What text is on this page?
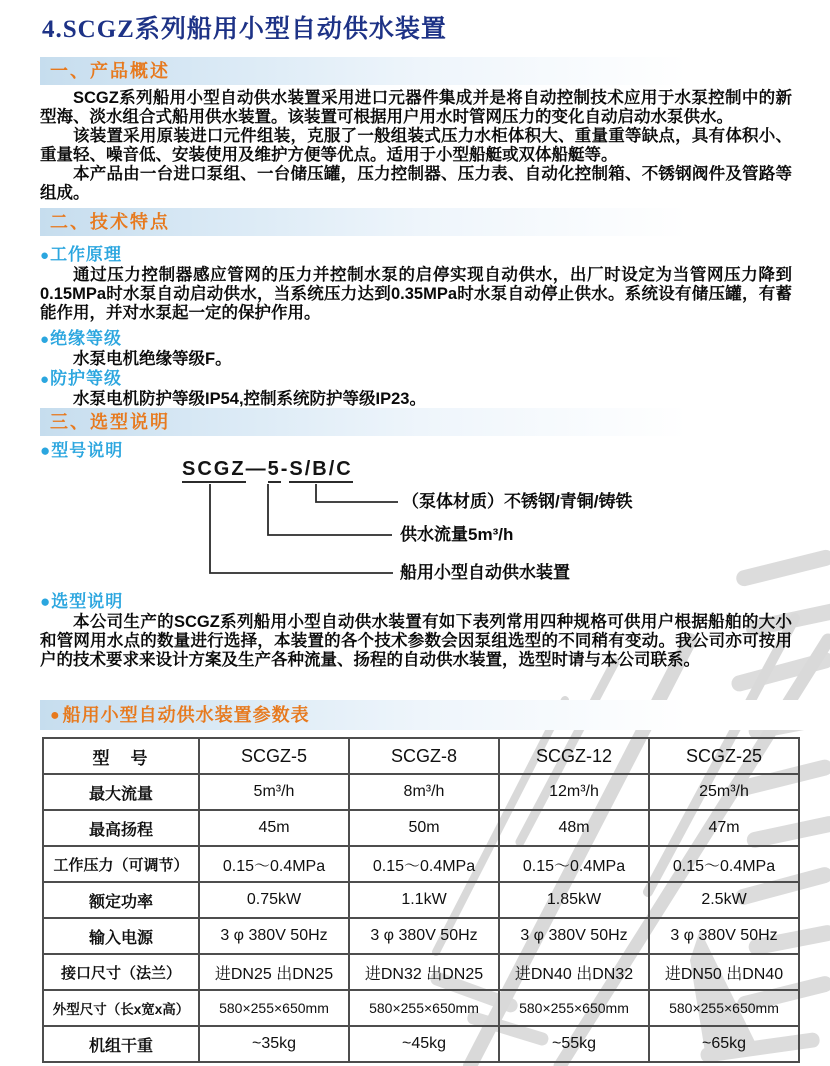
4.SCGZ系列船用小型自动供水装置
一、产品概述

SCGZ系列船用小型自动供水装置采用进口元器件集成并是将自动控制技术应用于水泵控制中的新型海、淡水组合式船用供水装置。该装置可根据用户用水时管网压力的变化自动启动水泵供水。

该装置采用原装进口元件组装，克服了一般组装式压力水柜体积大、重量重等缺点，具有体积小、重量轻、噪音低、安装使用及维护方便等优点。适用于小型船艇或双体船艇等。

本产品由一台进口泵组、一台储压罐，压力控制器、压力表、自动化控制箱、不锈钢阀件及管路等组成。

二、技术特点

●工作原理

通过压力控制器感应管网的压力并控制水泵的启停实现自动供水，出厂时设定为当管网压力降到0.15MPa时水泵自动启动供水，当系统压力达到0.35MPa时水泵自动停止供水。系统设有储压罐，有蓄能作用，并对水泵起一定的保护作用。

●绝缘等级

水泵电机绝缘等级F。

●防护等级

水泵电机防护等级IP54,控制系统防护等级IP23。

三、选型说明
●型号说明
SCGZ—5-S/B/C
（泵体材质）不锈钢/青铜/铸铁
供水流量5m³/h
船用小型自动供水装置
●选型说明

本公司生产的SCGZ系列船用小型自动供水装置有如下表列常用四种规格可供用户根据船舶的大小和管网用水点的数量进行选择，本装置的各个技术参数会因泵组选型的不同稍有变动。我公司亦可按用户的技术要求来设计方案及生产各种流量、扬程的自动供水装置，选型时请与本公司联系。

● 船用小型自动供水装置参数表
型　号	SCGZ-5	SCGZ-8	SCGZ-12	SCGZ-25
最大流量	5m³/h	8m³/h	12m³/h	25m³/h
最高扬程	45m	50m	48m	47m
工作压力（可调节）	0.15～0.4MPa	0.15～0.4MPa	0.15～0.4MPa	0.15～0.4MPa
额定功率	0.75kW	1.1kW	1.85kW	2.5kW
输入电源	3 φ 380V 50Hz	3 φ 380V 50Hz	3 φ 380V 50Hz	3 φ 380V 50Hz
接口尺寸（法兰）	进DN25 出DN25	进DN32 出DN25	进DN40 出DN32	进DN50 出DN40
外型尺寸（长x宽x高）	580×255×650mm	580×255×650mm	580×255×650mm	580×255×650mm
机组干重	~35kg	~45kg	~55kg	~65kg
